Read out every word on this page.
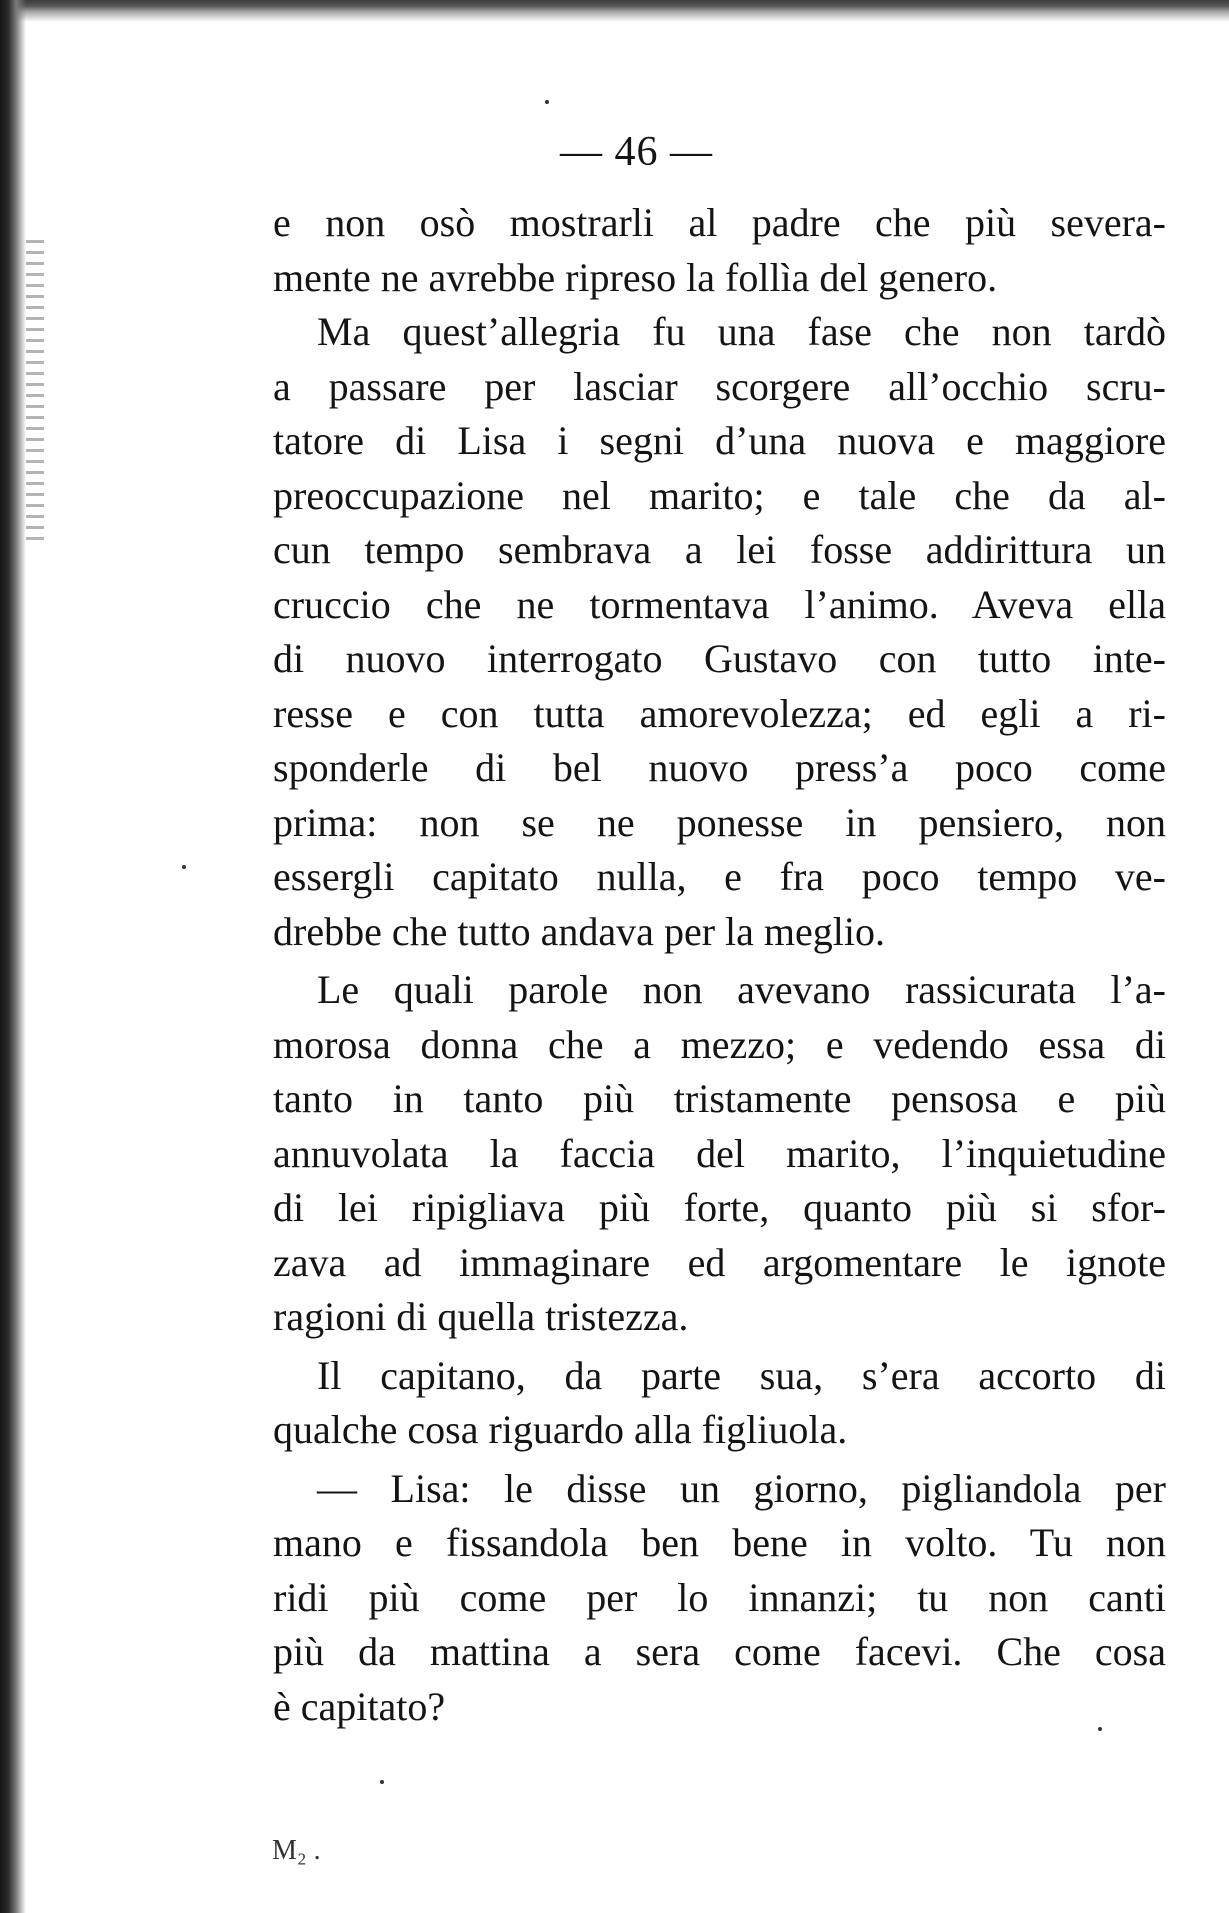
— 46 —
e non osò mostrarli al padre che più severa-
mente ne avrebbe ripreso la follìa del genero.
Ma quest’allegria fu una fase che non tardò
a passare per lasciar scorgere all’occhio scru-
tatore di Lisa i segni d’una nuova e maggiore
preoccupazione nel marito; e tale che da al-
cun tempo sembrava a lei fosse addirittura un
cruccio che ne tormentava l’animo. Aveva ella
di nuovo interrogato Gustavo con tutto inte-
resse e con tutta amorevolezza; ed egli a ri-
sponderle di bel nuovo press’a poco come
prima: non se ne ponesse in pensiero, non
essergli capitato nulla, e fra poco tempo ve-
drebbe che tutto andava per la meglio.
Le quali parole non avevano rassicurata l’a-
morosa donna che a mezzo; e vedendo essa di
tanto in tanto più tristamente pensosa e più
annuvolata la faccia del marito, l’inquietudine
di lei ripigliava più forte, quanto più si sfor-
zava ad immaginare ed argomentare le ignote
ragioni di quella tristezza.
Il capitano, da parte sua, s’era accorto di
qualche cosa riguardo alla figliuola.
— Lisa: le disse un giorno, pigliandola per
mano e fissandola ben bene in volto. Tu non
ridi più come per lo innanzi; tu non canti
più da mattina a sera come facevi. Che cosa
è capitato?
M₂ .
